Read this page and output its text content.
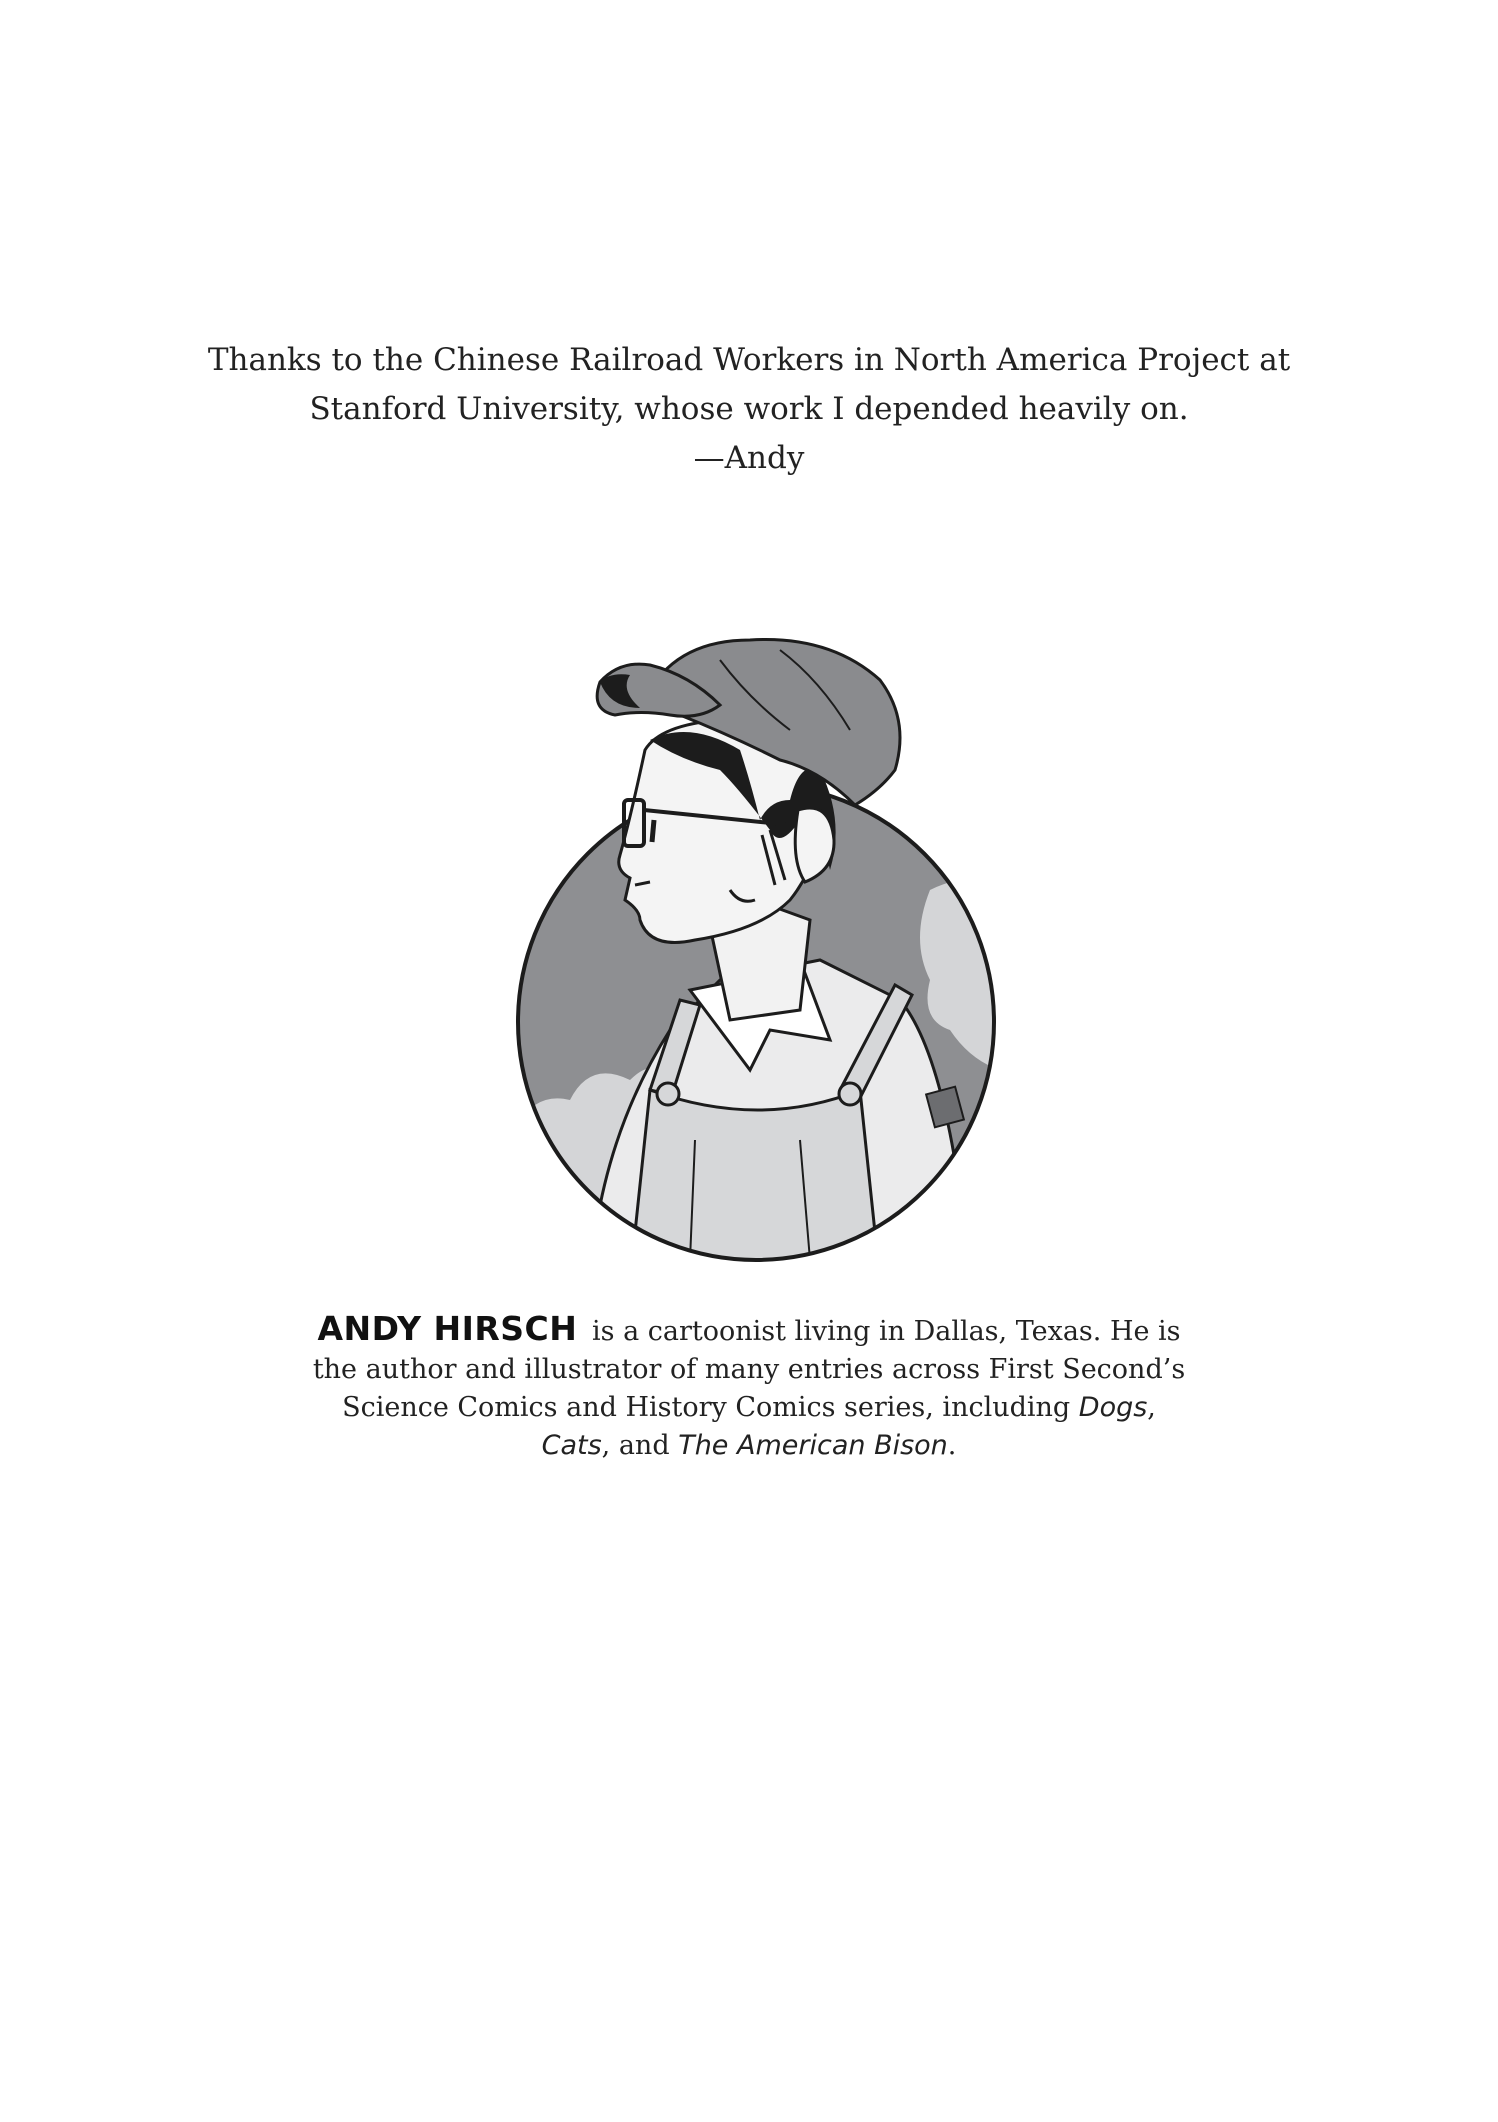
Thanks to the Chinese Railroad Workers in North America Project at

Stanford University, whose work I depended heavily on.

—Andy

ANDY HIRSCH is a cartoonist living in Dallas, Texas. He is

the author and illustrator of many entries across First Second’s

Science Comics and History Comics series, including Dogs,

Cats, and The American Bison.
